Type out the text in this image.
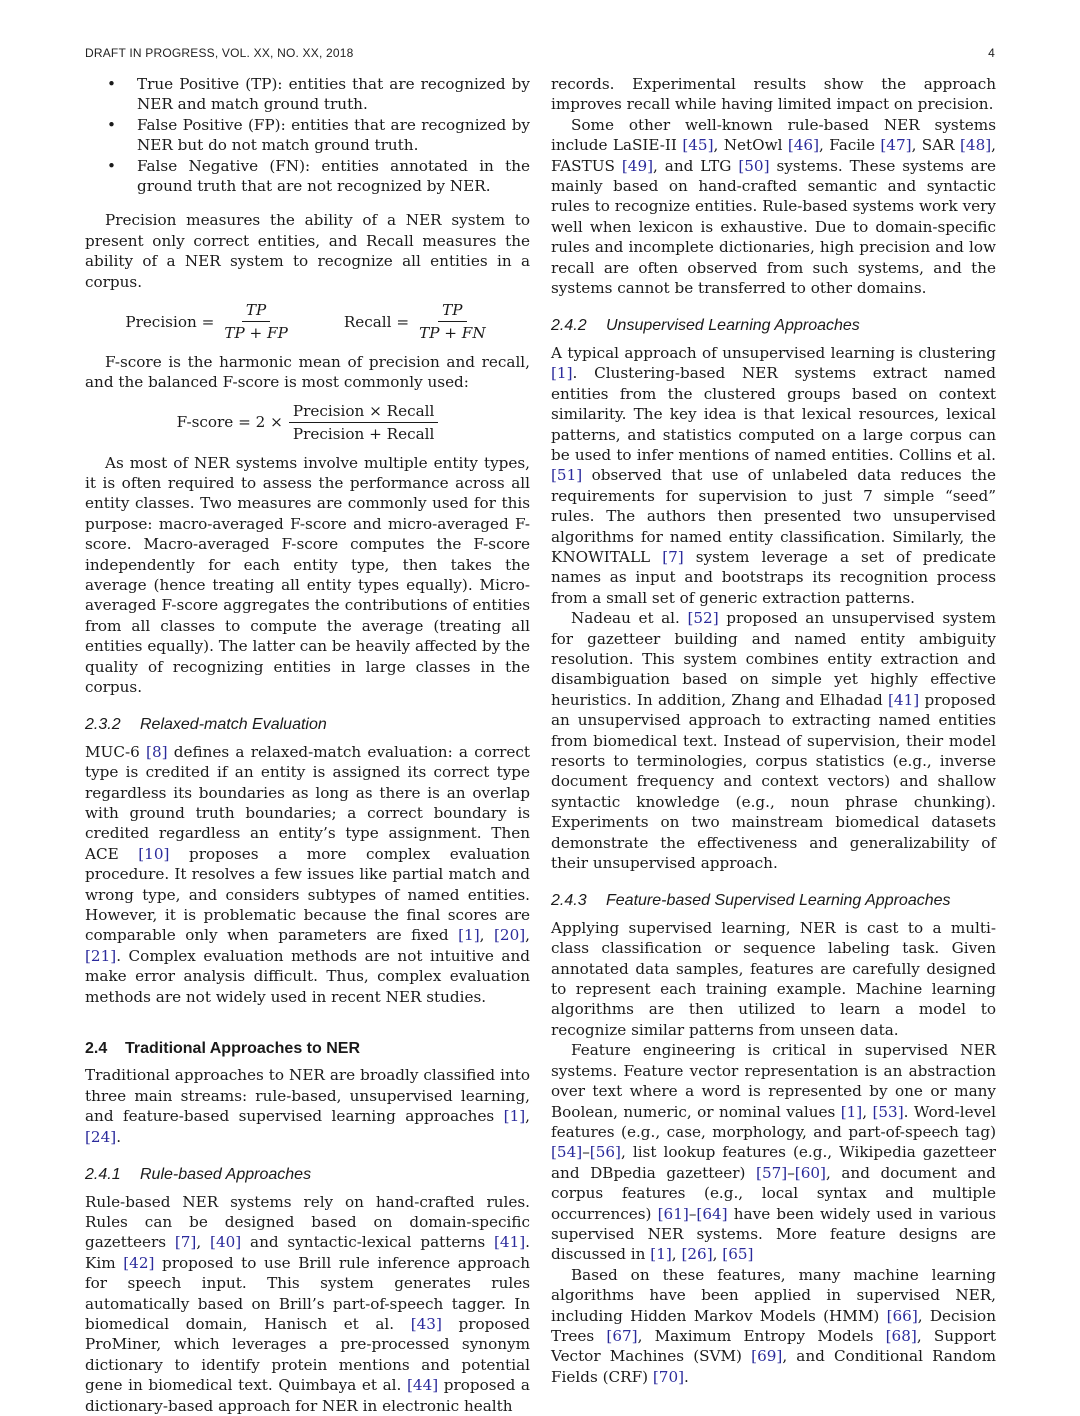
DRAFT IN PROGRESS, VOL. XX, NO. XX, 2018	4
• True Positive (TP): entities that are recognized by NER and match ground truth.
• False Positive (FP): entities that are recognized by NER but do not match ground truth.
• False Negative (FN): entities annotated in the ground truth that are not recognized by NER.

Precision measures the ability of a NER system to present only correct entities, and Recall measures the ability of a NER system to recognize all entities in a corpus.

Precision = $\frac{TP}{TP + FP}$	Recall = $\frac{TP}{TP + FN}$

F-score is the harmonic mean of precision and recall, and the balanced F-score is most commonly used:

F-score = $2 \times \frac{\text{Precision × Recall}}{\text{Precision + Recall}}$

As most of NER systems involve multiple entity types, it is often required to assess the performance across all entity classes. Two measures are commonly used for this purpose: macro-averaged F-score and micro-averaged F-score. Macro-averaged F-score computes the F-score independently for each entity type, then takes the average (hence treating all entity types equally). Micro-averaged F-score aggregates the contributions of entities from all classes to compute the average (treating all entities equally). The latter can be heavily affected by the quality of recognizing entities in large classes in the corpus.

2.3.2 Relaxed-match Evaluation

MUC-6 [8] defines a relaxed-match evaluation: a correct type is credited if an entity is assigned its correct type regardless its boundaries as long as there is an overlap with ground truth boundaries; a correct boundary is credited regardless an entity’s type assignment. Then ACE [10] proposes a more complex evaluation procedure. It resolves a few issues like partial match and wrong type, and considers subtypes of named entities. However, it is problematic because the final scores are comparable only when parameters are fixed [1], [20], [21]. Complex evaluation methods are not intuitive and make error analysis difficult. Thus, complex evaluation methods are not widely used in recent NER studies.

2.4 Traditional Approaches to NER

Traditional approaches to NER are broadly classified into three main streams: rule-based, unsupervised learning, and feature-based supervised learning approaches [1], [24].

2.4.1 Rule-based Approaches

Rule-based NER systems rely on hand-crafted rules. Rules can be designed based on domain-specific gazetteers [7], [40] and syntactic-lexical patterns [41]. Kim [42] proposed to use Brill rule inference approach for speech input. This system generates rules automatically based on Brill’s part-of-speech tagger. In biomedical domain, Hanisch et al. [43] proposed ProMiner, which leverages a pre-processed synonym dictionary to identify protein mentions and potential gene in biomedical text. Quimbaya et al. [44] proposed a dictionary-based approach for NER in electronic health

records. Experimental results show the approach improves recall while having limited impact on precision.

Some other well-known rule-based NER systems include LaSIE-II [45], NetOwl [46], Facile [47], SAR [48], FASTUS [49], and LTG [50] systems. These systems are mainly based on hand-crafted semantic and syntactic rules to recognize entities. Rule-based systems work very well when lexicon is exhaustive. Due to domain-specific rules and incomplete dictionaries, high precision and low recall are often observed from such systems, and the systems cannot be transferred to other domains.

2.4.2 Unsupervised Learning Approaches

A typical approach of unsupervised learning is clustering [1]. Clustering-based NER systems extract named entities from the clustered groups based on context similarity. The key idea is that lexical resources, lexical patterns, and statistics computed on a large corpus can be used to infer mentions of named entities. Collins et al. [51] observed that use of unlabeled data reduces the requirements for supervision to just 7 simple “seed” rules. The authors then presented two unsupervised algorithms for named entity classification. Similarly, the KNOWITALL [7] system leverage a set of predicate names as input and bootstraps its recognition process from a small set of generic extraction patterns.

Nadeau et al. [52] proposed an unsupervised system for gazetteer building and named entity ambiguity resolution. This system combines entity extraction and disambiguation based on simple yet highly effective heuristics. In addition, Zhang and Elhadad [41] proposed an unsupervised approach to extracting named entities from biomedical text. Instead of supervision, their model resorts to terminologies, corpus statistics (e.g., inverse document frequency and context vectors) and shallow syntactic knowledge (e.g., noun phrase chunking). Experiments on two mainstream biomedical datasets demonstrate the effectiveness and generalizability of their unsupervised approach.

2.4.3 Feature-based Supervised Learning Approaches

Applying supervised learning, NER is cast to a multi-class classification or sequence labeling task. Given annotated data samples, features are carefully designed to represent each training example. Machine learning algorithms are then utilized to learn a model to recognize similar patterns from unseen data.

Feature engineering is critical in supervised NER systems. Feature vector representation is an abstraction over text where a word is represented by one or many Boolean, numeric, or nominal values [1], [53]. Word-level features (e.g., case, morphology, and part-of-speech tag) [54]–[56], list lookup features (e.g., Wikipedia gazetteer and DBpedia gazetteer) [57]–[60], and document and corpus features (e.g., local syntax and multiple occurrences) [61]–[64] have been widely used in various supervised NER systems. More feature designs are discussed in [1], [26], [65]

Based on these features, many machine learning algorithms have been applied in supervised NER, including Hidden Markov Models (HMM) [66], Decision Trees [67], Maximum Entropy Models [68], Support Vector Machines (SVM) [69], and Conditional Random Fields (CRF) [70].
